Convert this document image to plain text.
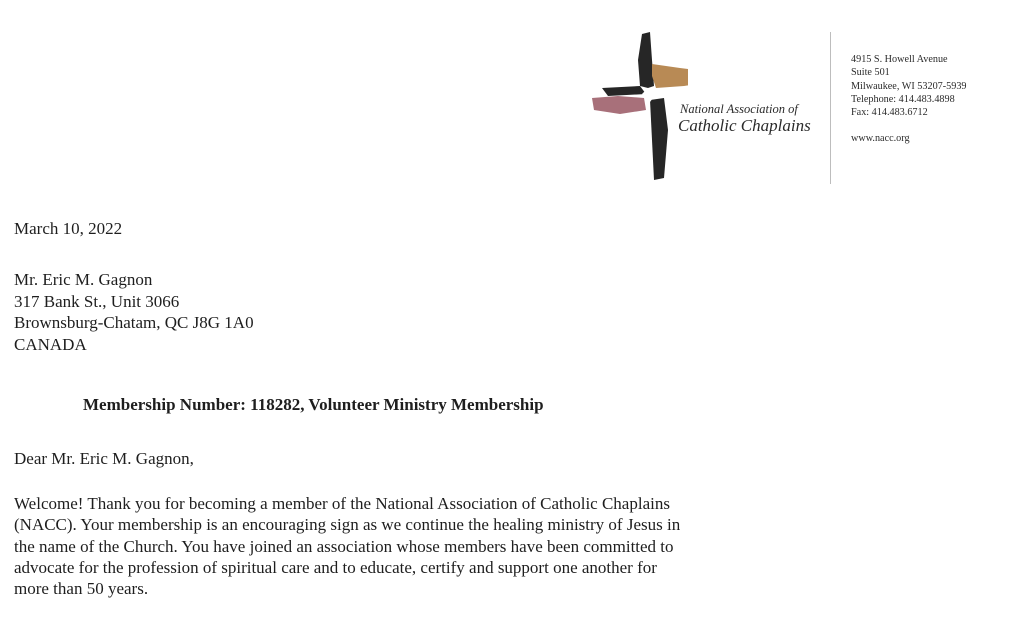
National Association of
Catholic Chaplains
4915 S. Howell Avenue
Suite 501
Milwaukee, WI 53207-5939
Telephone: 414.483.4898
Fax: 414.483.6712
www.nacc.org
March 10, 2022
Mr. Eric M. Gagnon
317 Bank St., Unit 3066
Brownsburg-Chatam, QC J8G 1A0
CANADA
Membership Number: 118282, Volunteer Ministry Membership
Dear Mr. Eric M. Gagnon,
Welcome! Thank you for becoming a member of the National Association of Catholic Chaplains
(NACC). Your membership is an encouraging sign as we continue the healing ministry of Jesus in
the name of the Church. You have joined an association whose members have been committed to
advocate for the profession of spiritual care and to educate, certify and support one another for
more than 50 years.
